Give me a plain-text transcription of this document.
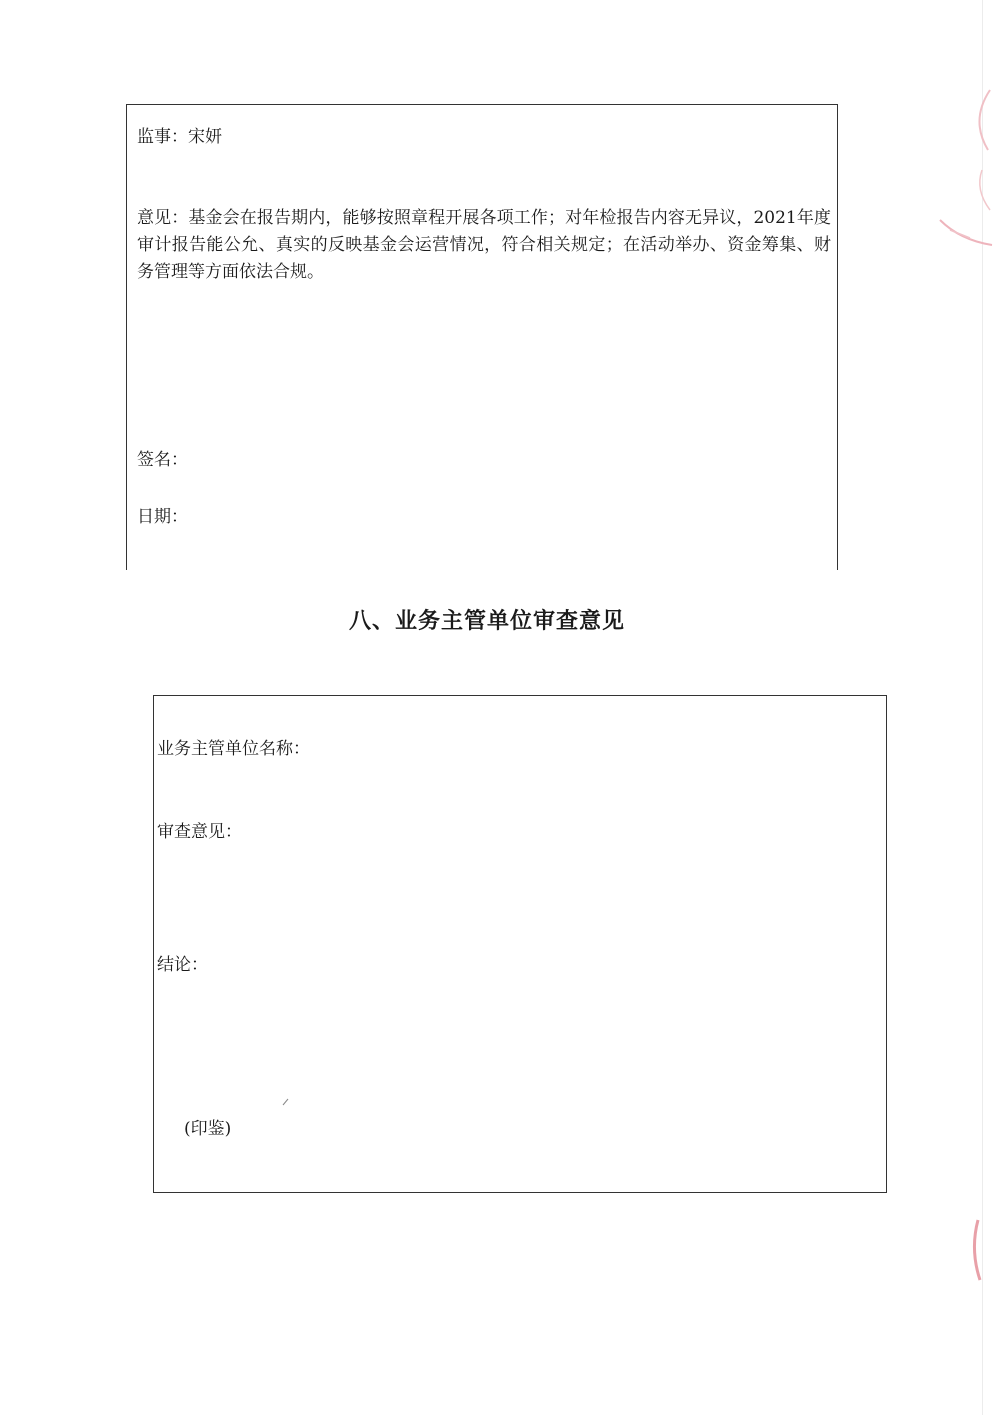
监事：宋妍
意见：基金会在报告期内，能够按照章程开展各项工作；对年检报告内容无异议，2021年度审计报告能公允、真实的反映基金会运营情况，符合相关规定；在活动举办、资金筹集、财务管理等方面依法合规。
签名：
日期：
八、业务主管单位审查意见
业务主管单位名称：
审查意见：
结论：
(印鉴)
